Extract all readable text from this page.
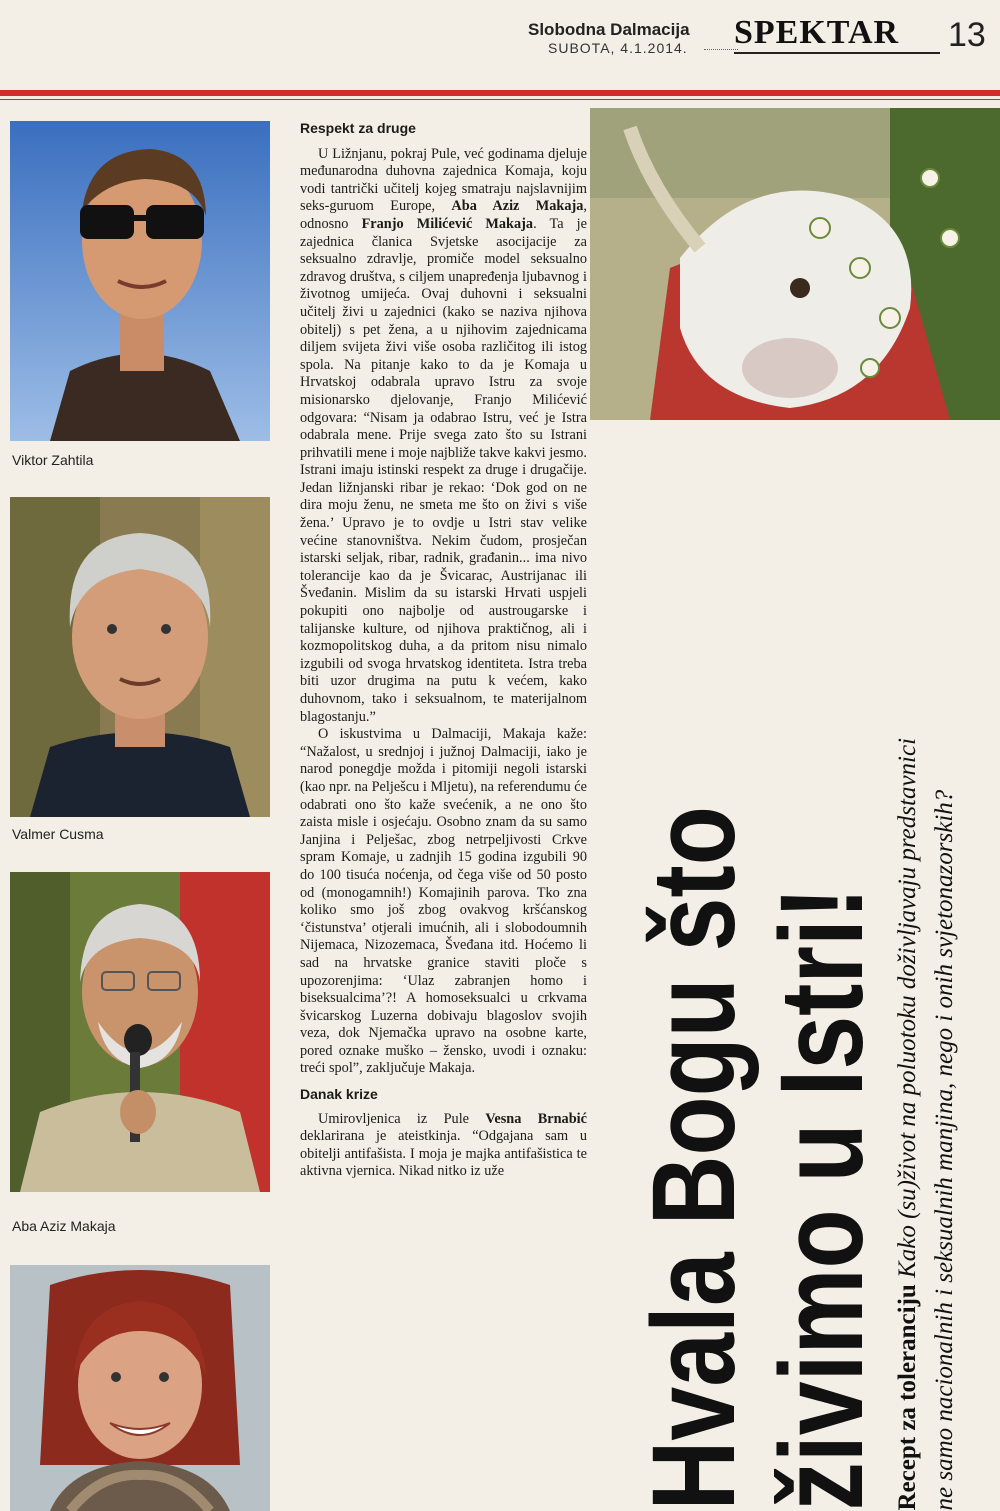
Slobodna Dalmacija
SUBOTA, 4.1.2014. SPEKTAR 13
Viktor Zahtila
Valmer Cusma
Aba Aziz Makaja
Respekt za druge

U Ližnjanu, pokraj Pule, već godinama djeluje međunarodna duhovna zajednica Komaja, koju vodi tantrički učitelj kojeg smatraju najslavnijim seks-guruom Europe, Aba Aziz Makaja, odnosno Franjo Milićević Makaja. Ta je zajednica članica Svjetske asocijacije za seksualno zdravlje, promiče model seksualno zdravog društva, s ciljem unapređenja ljubavnog i životnog umijeća. Ovaj duhovni i seksualni učitelj živi u zajednici (kako se naziva njihova obitelj) s pet žena, a u njihovim zajednicama diljem svijeta živi više osoba različitog ili istog spola. Na pitanje kako to da je Komaja u Hrvatskoj odabrala upravo Istru za svoje misionarsko djelovanje, Franjo Milićević odgovara: “Nisam ja odabrao Istru, već je Istra odabrala mene. Prije svega zato što su Istrani prihvatili mene i moje najbliže takve kakvi jesmo. Istrani imaju istinski respekt za druge i drugačije. Jedan ližnjanski ribar je rekao: ‘Dok god on ne dira moju ženu, ne smeta me što on živi s više žena.’ Upravo je to ovdje u Istri stav velike većine stanovništva. Nekim čudom, prosječan istarski seljak, ribar, radnik, građanin... ima nivo tolerancije kao da je Švicarac, Austrijanac ili Šveđanin. Mislim da su istarski Hrvati uspjeli pokupiti ono najbolje od austrougarske i talijanske kulture, od njihova praktičnog, ali i kozmopolitskog duha, a da pritom nisu nimalo izgubili od svoga hrvatskog identiteta. Istra treba biti uzor drugima na putu k većem, kako duhovnom, tako i seksualnom, te materijalnom blagostanju.”

O iskustvima u Dalmaciji, Makaja kaže: “Nažalost, u srednjoj i južnoj Dalmaciji, iako je narod ponegdje možda i pitomiji negoli istarski (kao npr. na Pelješcu i Mljetu), na referendumu će odabrati ono što kaže svećenik, a ne ono što zaista misle i osjećaju. Osobno znam da su samo Janjina i Pelješac, zbog netrpeljivosti Crkve spram Komaje, u zadnjih 15 godina izgubili 90 do 100 tisuća noćenja, od čega više od 50 posto od (monogamnih!) Komajinih parova. Tko zna koliko smo još zbog ovakvog kršćanskog ‘čistunstva’ otjerali imućnih, ali i slobodoumnih Nijemaca, Nizozemaca, Šveđana itd. Hoćemo li sad na hrvatske granice staviti ploče s upozorenjima: ‘Ulaz zabranjen homo i biseksualcima’?! A homoseksualci u crkvama švicarskog Luzerna dobivaju blagoslov svojih veza, dok Njemačka upravo na osobne karte, pored oznake muško – žensko, uvodi i oznaku: treći spol”, zaključuje Makaja.

Danak krize

Umirovljenica iz Pule Vesna Brnabić deklarirana je ateistkinja. “Odgajana sam u obitelji antifašista. I moja je majka antifašistica te aktivna vjernica. Nikad nitko iz uže	Hvala Bogu što
živimo u Istri! Recept za toleranciju Kako (su)život na poluotoku doživljavaju predstavnici ne samo nacionalnih i seksualnih manjina, nego i onih svjetonazorskih?
